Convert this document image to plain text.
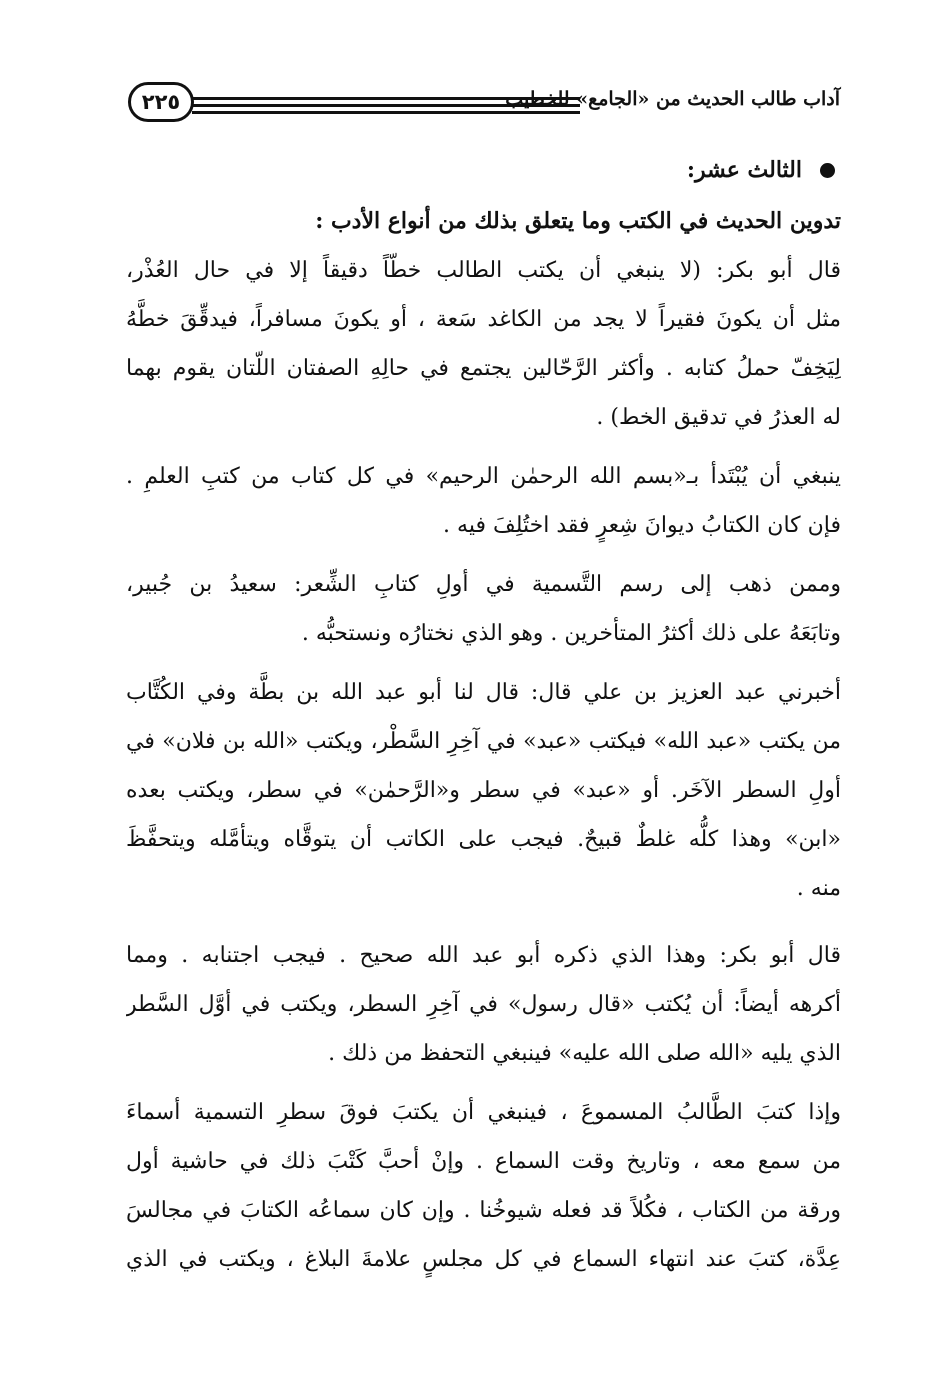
٢٢٥	آداب طالب الحديث من «الجامع» للخطيب
الثالث عشر:
تدوين الحديث في الكتب وما يتعلق بذلك من أنواع الأدب :
قال أبو بكر: (لا ينبغي أن يكتب الطالب خطّاً دقيقاً إلا في حال العُذْر،
مثل أن يكونَ فقيراً لا يجد من الكاغد سَعة ، أو يكونَ مسافراً، فيدقِّقَ خطَّهُ
لِيَخِفّ حملُ كتابه . وأكثر الرَّحّالين يجتمع في حالِهِ الصفتان اللّتان يقوم بهما
له العذرُ في تدقيق الخط) .
ينبغي أن يُبْتَدأ بـ«بسم الله الرحمٰن الرحيم» في كل كتاب من كتبِ العلمِ .
فإن كان الكتابُ ديوانَ شِعرٍ فقد اختُلِفَ فيه .
وممن ذهب إلى رسم التَّسمية في أولِ كتابِ الشِّعر: سعيدُ بن جُبير،
وتابَعَهُ على ذلك أكثرُ المتأخرين . وهو الذي نختارُه ونستحبُّه .
أخبرني عبد العزيز بن علي قال: قال لنا أبو عبد الله بن بطَّة وفي الكُتَّاب
من يكتب «عبد الله» فيكتب «عبد» في آخِرِ السَّطْر، ويكتب «الله بن فلان» في
أولِ السطر الآخَر. أو «عبد» في سطر و«الرَّحمٰن» في سطر، ويكتب بعده
«ابن» وهذا كلُّه غلطٌ قبيحٌ. فيجب على الكاتب أن يتوقَّاه ويتأمَّله ويتحفَّظَ
منه .
قال أبو بكر: وهذا الذي ذكره أبو عبد الله صحيح . فيجب اجتنابه . ومما
أكرهه أيضاً: أن يُكتب «قال رسول» في آخِرِ السطر، ويكتب في أوَّل السَّطر
الذي يليه «الله صلى الله عليه» فينبغي التحفظ من ذلك .
وإذا كتبَ الطَّالبُ المسموعَ ، فينبغي أن يكتبَ فوقَ سطرِ التسمية أسماءَ
من سمع معه ، وتاريخ وقت السماع . وإنْ أحبَّ كَتْبَ ذلك في حاشية أول
ورقة من الكتاب ، فكُلاً قد فعله شيوخُنا . وإن كان سماعُه الكتابَ في مجالسَ
عِدَّة، كتبَ عند انتهاء السماع في كل مجلسٍ علامةَ البلاغ ، ويكتب في الذي
